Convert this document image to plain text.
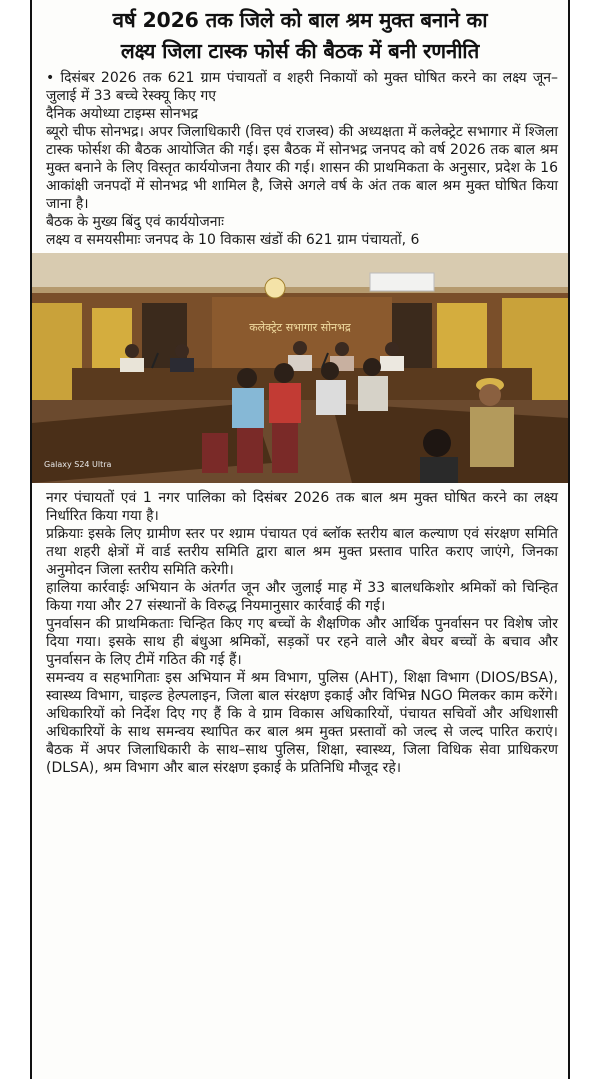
वर्ष 2026 तक जिले को बाल श्रम मुक्त बनाने का
लक्ष्य जिला टास्क फोर्स की बैठक में बनी रणनीति

• दिसंबर 2026 तक 621 ग्राम पंचायतों व शहरी निकायों को मुक्त घोषित करने का लक्ष्य जून–जुलाई में 33 बच्चे रेस्क्यू किए गए

दैनिक अयोध्या टाइम्स सोनभद्र

ब्यूरो चीफ सोनभद्र। अपर जिलाधिकारी (वित्त एवं राजस्व) की अध्यक्षता में कलेक्ट्रेट सभागार में श्जिला टास्क फोर्सश की बैठक आयोजित की गई। इस बैठक में सोनभद्र जनपद को वर्ष 2026 तक बाल श्रम मुक्त बनाने के लिए विस्तृत कार्ययोजना तैयार की गई। शासन की प्राथमिकता के अनुसार, प्रदेश के 16 आकांक्षी जनपदों में सोनभद्र भी शामिल है, जिसे अगले वर्ष के अंत तक बाल श्रम मुक्त घोषित किया जाना है।

बैठक के मुख्य बिंदु एवं कार्ययोजनाः

लक्ष्य व समयसीमाः जनपद के 10 विकास खंडों की 621 ग्राम पंचायतों, 6

कलेक्ट्रेट सभागार सोनभद्र
Galaxy S24 Ultra

नगर पंचायतों एवं 1 नगर पालिका को दिसंबर 2026 तक बाल श्रम मुक्त घोषित करने का लक्ष्य निर्धारित किया गया है।

प्रक्रियाः इसके लिए ग्रामीण स्तर पर श्ग्राम पंचायत एवं ब्लॉक स्तरीय बाल कल्याण एवं संरक्षण समिति तथा शहरी क्षेत्रों में वार्ड स्तरीय समिति द्वारा बाल श्रम मुक्त प्रस्ताव पारित कराए जाएंगे, जिनका अनुमोदन जिला स्तरीय समिति करेगी।

हालिया कार्रवाईः अभियान के अंतर्गत जून और जुलाई माह में 33 बालधकिशोर श्रमिकों को चिन्हित किया गया और 27 संस्थानों के विरुद्ध नियमानुसार कार्रवाई की गई।

पुनर्वासन की प्राथमिकताः चिन्हित किए गए बच्चों के शैक्षणिक और आर्थिक पुनर्वासन पर विशेष जोर दिया गया। इसके साथ ही बंधुआ श्रमिकों, सड़कों पर रहने वाले और बेघर बच्चों के बचाव और पुनर्वासन के लिए टीमें गठित की गई हैं।

समन्वय व सहभागिताः इस अभियान में श्रम विभाग, पुलिस (AHT), शिक्षा विभाग (DIOS/BSA), स्वास्थ्य विभाग, चाइल्ड हेल्पलाइन, जिला बाल संरक्षण इकाई और विभिन्न NGO मिलकर काम करेंगे। अधिकारियों को निर्देश दिए गए हैं कि वे ग्राम विकास अधिकारियों, पंचायत सचिवों और अधिशासी अधिकारियों के साथ समन्वय स्थापित कर बाल श्रम मुक्त प्रस्तावों को जल्द से जल्द पारित कराएं। बैठक में अपर जिलाधिकारी के साथ–साथ पुलिस, शिक्षा, स्वास्थ्य, जिला विधिक सेवा प्राधिकरण (DLSA), श्रम विभाग और बाल संरक्षण इकाई के प्रतिनिधि मौजूद रहे।
